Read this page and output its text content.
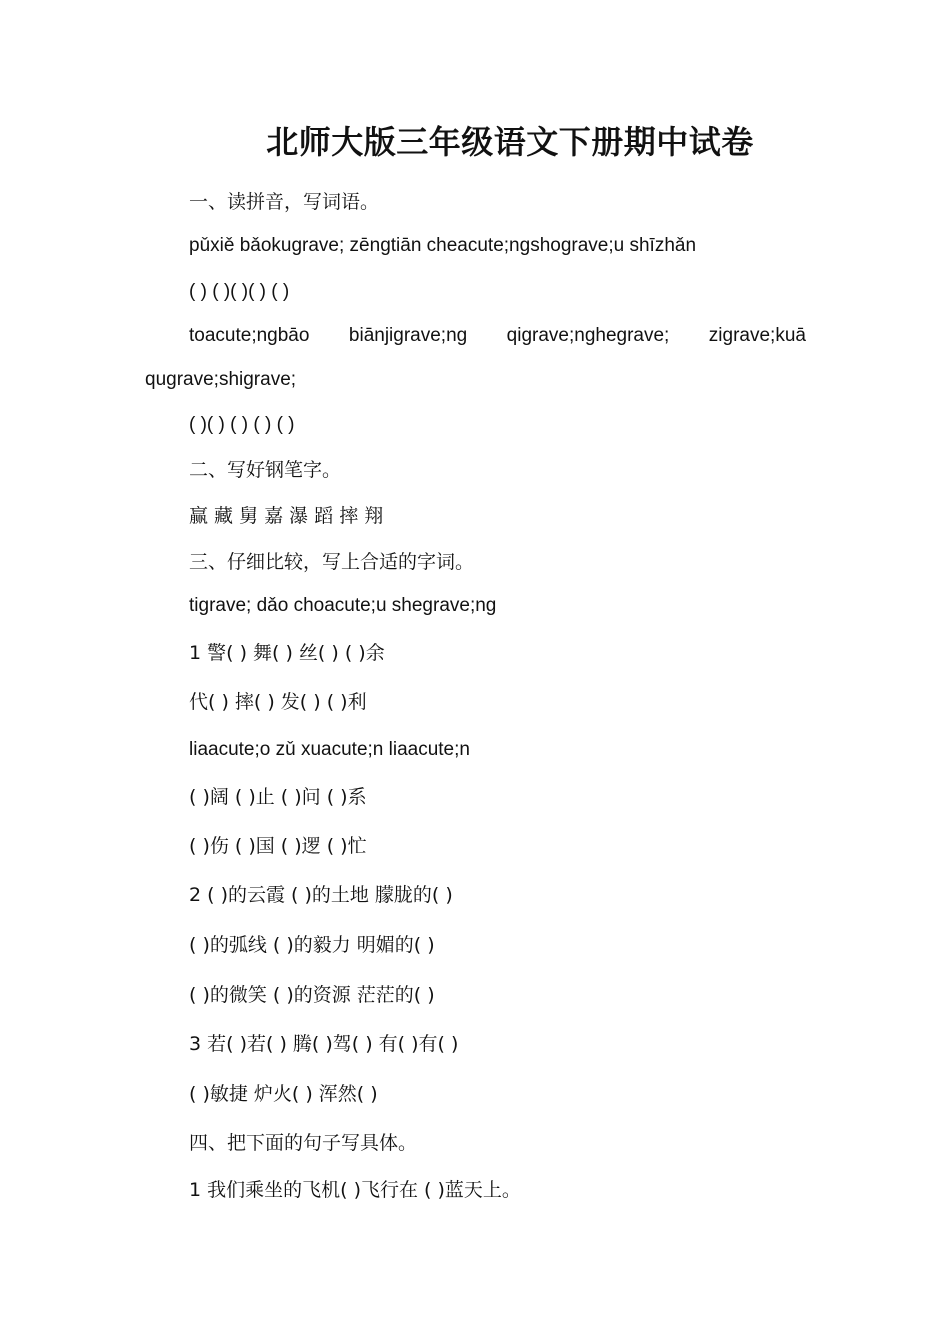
北师大版三年级语文下册期中试卷
一、读拼音，写词语。
pǔxiě bǎokugrave; zēngtiān cheacute;ngshograve;u shīzhǎn
( ) ( )( )( ) ( )
toacute;ngbāo biānjigrave;ng qigrave;nghegrave; zigrave;kuā
qugrave;shigrave;
( )( ) ( ) ( ) ( )
二、写好钢笔字。
赢 藏 舅 嘉 瀑 蹈 摔 翔
三、仔细比较，写上合适的字词。
tigrave; dǎo choacute;u shegrave;ng
1 警( ) 舞( ) 丝( ) ( )余
代( ) 摔( ) 发( ) ( )利
liaacute;o zǔ xuacute;n liaacute;n
( )阔 ( )止 ( )问 ( )系
( )伤 ( )国 ( )逻 ( )忙
2 ( )的云霞 ( )的土地 朦胧的( )
( )的弧线 ( )的毅力 明媚的( )
( )的微笑 ( )的资源 茫茫的( )
3 若( )若( ) 腾( )驾( ) 有( )有( )
( )敏捷 炉火( ) 浑然( )
四、把下面的句子写具体。
1 我们乘坐的飞机( )飞行在 ( )蓝天上。
